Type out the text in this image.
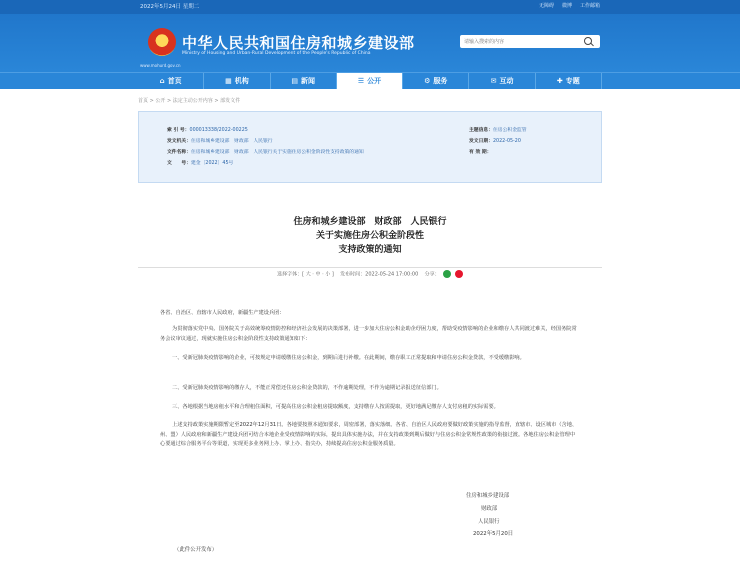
2022年5月24日 星期二	无障碍 微博 工作邮箱
中华人民共和国住房和城乡建设部
Ministry of Housing and Urban-Rural Development of the People's Republic of China
www.mohurd.gov.cn
请输入搜索的内容
⌂ 首页	▦ 机构	▤ 新闻	☰ 公开	⚙ 服务	✉ 互动	✚ 专题
首页 > 公开 > 法定主动公开内容 > 部发文件
索 引 号：000013338/2022-00225
发文机关：住房和城乡建设部　财政部　人民银行
文件名称：住房和城乡建设部　财政部　人民银行关于实施住房公积金阶段性支持政策的通知
文　　号：建金〔2022〕45号
主题信息：住房公积金监管
发文日期：2022-05-20
有 效 期：
住房和城乡建设部　财政部　人民银行
关于实施住房公积金阶段性
支持政策的通知
选择字体：[ 大 · 中 · 小 ] 发布时间：2022-05-24 17:00:00 分享：
各省、自治区、直辖市人民政府，新疆生产建设兵团：
为贯彻落实党中央、国务院关于高效统筹疫情防控和经济社会发展的决策部署，进一步加大住房公积金助企纾困力度，帮助受疫情影响的企业和缴存人共同渡过难关，经国务院常务会议审议通过，现就实施住房公积金阶段性支持政策通知如下：
一、受新冠肺炎疫情影响的企业，可按规定申请缓缴住房公积金，到期后进行补缴。在此期间，缴存职工正常提取和申请住房公积金贷款，不受缓缴影响。
二、受新冠肺炎疫情影响的缴存人，不能正常偿还住房公积金贷款的，不作逾期处理，不作为逾期记录报送征信部门。
三、各地根据当地房租水平和合理租住面积，可提高住房公积金租房提取额度，支持缴存人按需提取，更好地满足缴存人支付房租的实际需要。
上述支持政策实施期限暂定至2022年12月31日。各地要按照本通知要求，周密部署，落实落细。各省、自治区人民政府要做好政策实施的指导监督，直辖市、设区城市（含地、州、盟）人民政府和新疆生产建设兵团可结合本地企业受疫情影响的实际，提出具体实施办法，并在支持政策到期后做好与住房公积金常规性政策的衔接过渡。各地住房公积金管理中心要通过综合服务平台等渠道，实现更多业务网上办、掌上办、指尖办，持续提高住房公积金服务质量。
住房和城乡建设部
财政部
人民银行
2022年5月20日
（此件公开发布）
